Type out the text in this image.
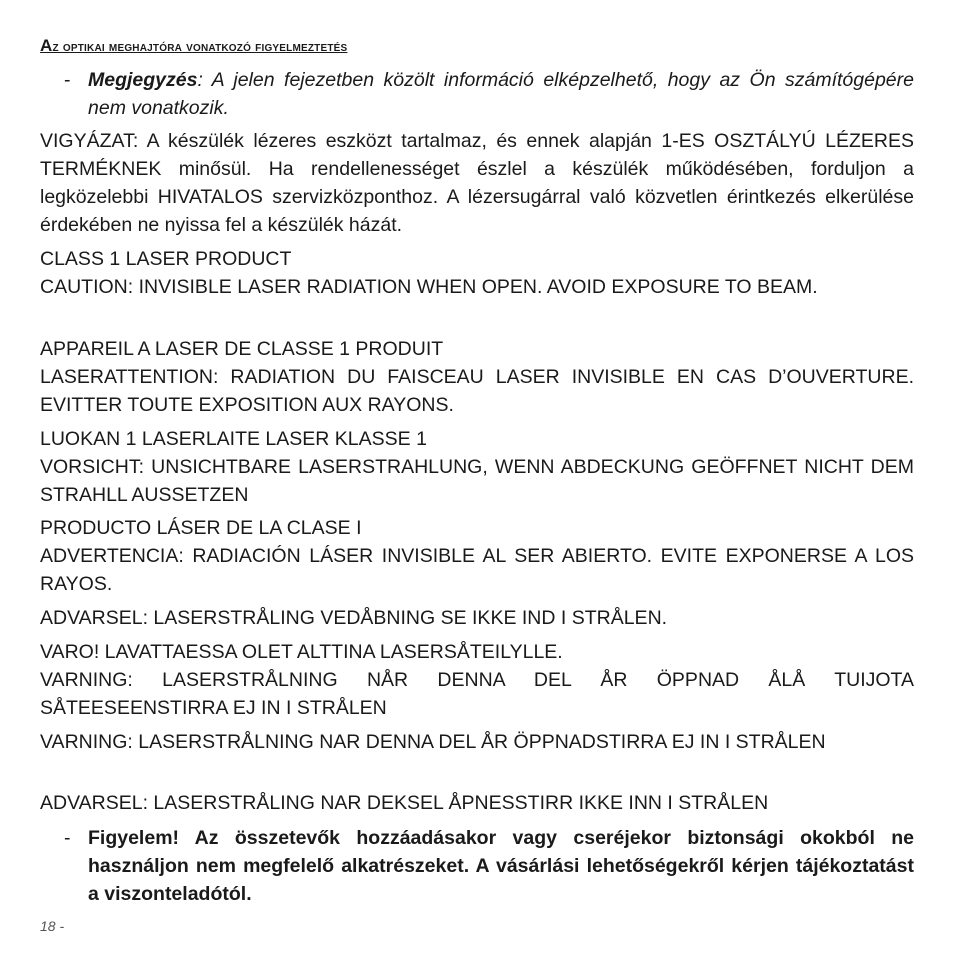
Az optikai meghajtóra vonatkozó figyelmeztetés
- Megjegyzés: A jelen fejezetben közölt információ elképzelhető, hogy az Ön számítógépére nem vonatkozik.

VIGYÁZAT: A készülék lézeres eszközt tartalmaz, és ennek alapján 1-ES OSZTÁLYÚ LÉZERES TERMÉKNEK minősül. Ha rendellenességet észlel a készülék működésében, forduljon a legközelebbi HIVATALOS szervizközponthoz. A lézersugárral való közvetlen érintkezés elkerülése érdekében ne nyissa fel a készülék házát.

CLASS 1 LASER PRODUCT

CAUTION: INVISIBLE LASER RADIATION WHEN OPEN. AVOID EXPOSURE TO BEAM.

APPAREIL A LASER DE CLASSE 1 PRODUIT

LASERATTENTION: RADIATION DU FAISCEAU LASER INVISIBLE EN CAS D’OUVERTURE. EVITTER TOUTE EXPOSITION AUX RAYONS.

LUOKAN 1 LASERLAITE LASER KLASSE 1

VORSICHT: UNSICHTBARE LASERSTRAHLUNG, WENN ABDECKUNG GEÖFFNET NICHT DEM STRAHLL AUSSETZEN

PRODUCTO LÁSER DE LA CLASE I

ADVERTENCIA: RADIACIÓN LÁSER INVISIBLE AL SER ABIERTO. EVITE EXPONERSE A LOS RAYOS.

ADVARSEL: LASERSTRÅLING VEDÅBNING SE IKKE IND I STRÅLEN.

VARO! LAVATTAESSA OLET ALTTINA LASERSÅTEILYLLE.

VARNING: LASERSTRÅLNING NÅR DENNA DEL ÅR ÖPPNAD ÅLÅ TUIJOTA SÅTEESEENSTIRRA EJ IN I STRÅLEN

VARNING: LASERSTRÅLNING NAR DENNA DEL ÅR ÖPPNADSTIRRA EJ IN I STRÅLEN

ADVARSEL: LASERSTRÅLING NAR DEKSEL ÅPNESSTIRR IKKE INN I STRÅLEN

- Figyelem! Az összetevők hozzáadásakor vagy cseréjekor biztonsági okokból ne használjon nem megfelelő alkatrészeket. A vásárlási lehetőségekről kérjen tájékoztatást a viszonteladótól.
18 -
